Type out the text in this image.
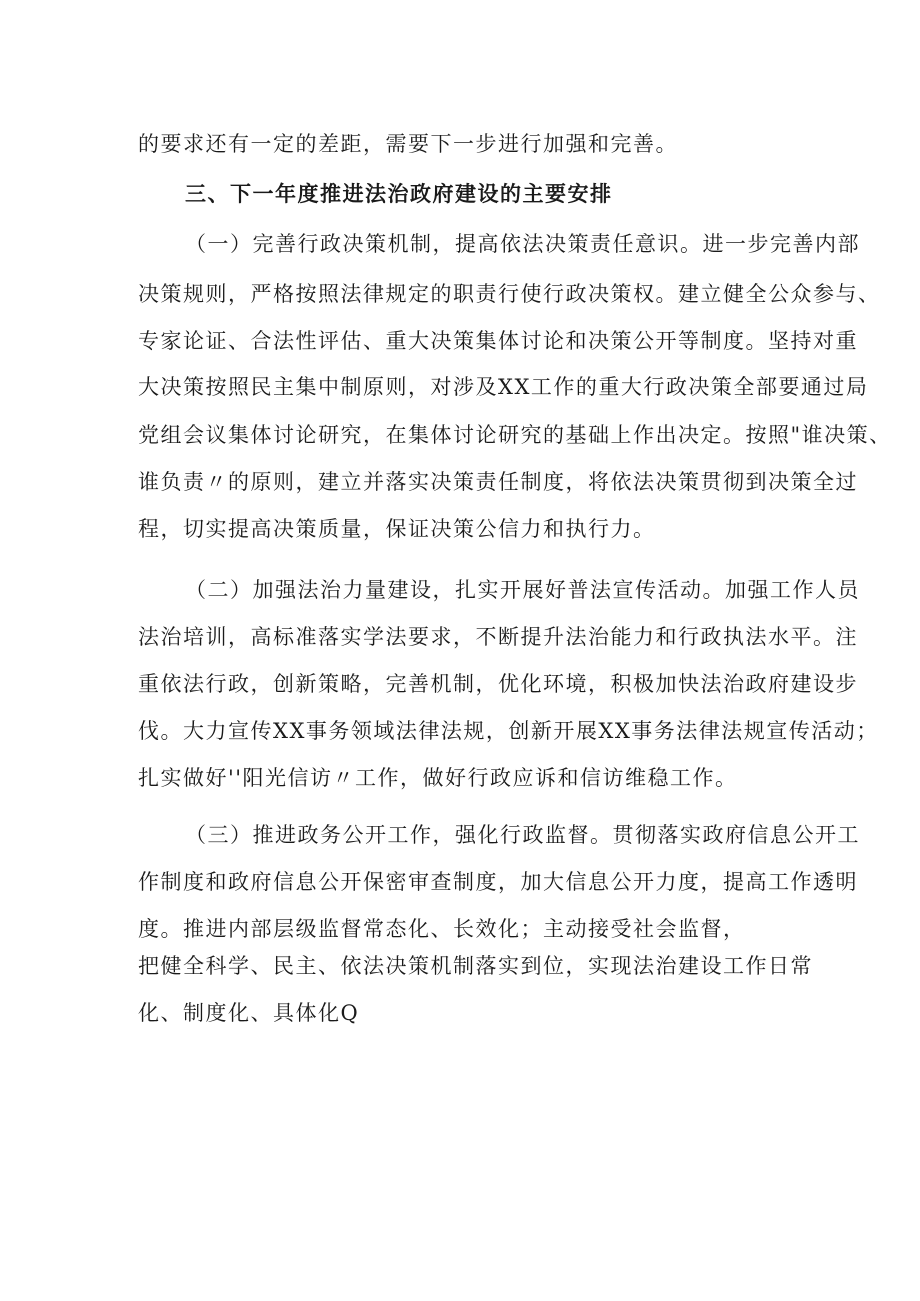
的要求还有一定的差距，需要下一步进行加强和完善。
三、下一年度推进法治政府建设的主要安排
（一）完善行政决策机制，提高依法决策责任意识。进一步完善内部
决策规则，严格按照法律规定的职责行使行政决策权。建立健全公众参与、
专家论证、合法性评估、重大决策集体讨论和决策公开等制度。坚持对重
大决策按照民主集中制原则，对涉及XX工作的重大行政决策全部要通过局
党组会议集体讨论研究，在集体讨论研究的基础上作出决定。按照"谁决策、
谁负责〃的原则，建立并落实决策责任制度，将依法决策贯彻到决策全过
程，切实提高决策质量，保证决策公信力和执行力。
（二）加强法治力量建设，扎实开展好普法宣传活动。加强工作人员
法治培训，高标准落实学法要求，不断提升法治能力和行政执法水平。注
重依法行政，创新策略，完善机制，优化环境，积极加快法治政府建设步
伐。大力宣传XX事务领域法律法规，创新开展XX事务法律法规宣传活动；
扎实做好''阳光信访〃工作，做好行政应诉和信访维稳工作。
（三）推进政务公开工作，强化行政监督。贯彻落实政府信息公开工
作制度和政府信息公开保密审查制度，加大信息公开力度，提高工作透明
度。推进内部层级监督常态化、长效化；主动接受社会监督，
把健全科学、民主、依法决策机制落实到位，实现法治建设工作日常
化、制度化、具体化Q
